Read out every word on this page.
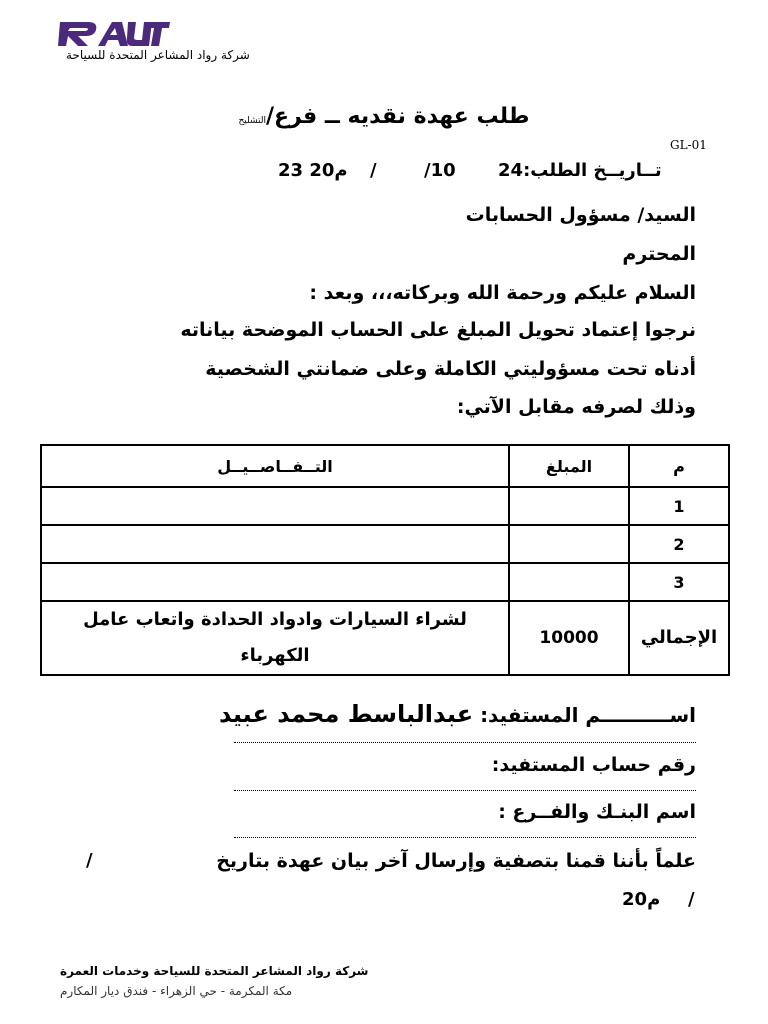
شركة رواد المشاعر المتحدة للسياحة
طلب عهدة نقديه ــ فرع/التشليح
GL-01
تــاريــخ الطلب:24
/10
/
23 20م
السيد/ مسؤول الحسابات
المحترم
السلام عليكم ورحمة الله وبركاته،،، وبعد :
نرجوا إعتماد تحويل المبلغ على الحساب الموضحة بياناته
أدناه تحت مسؤوليتي الكاملة وعلى ضمانتي الشخصية
وذلك لصرفه مقابل الآتي:
م	المبلغ	التــفــاصــيــل
1		
2		
3		
الإجمالي	10000	لشراء السيارات وادواد الحدادة واتعاب عامل الكهرباء
اســــــــــم المستفيد: عبدالباسط محمد عبيد
رقم حساب المستفيد:
اسم البنـك والفــرع :
علماً بأننا قمنا بتصفية وإرسال آخر بيان عهدة بتاريخ
/
/
20م
شركة رواد المشاعر المتحدة للسياحة وخدمات العمرة
مكة المكرمة - حي الزهراء - فندق ديار المكارم
